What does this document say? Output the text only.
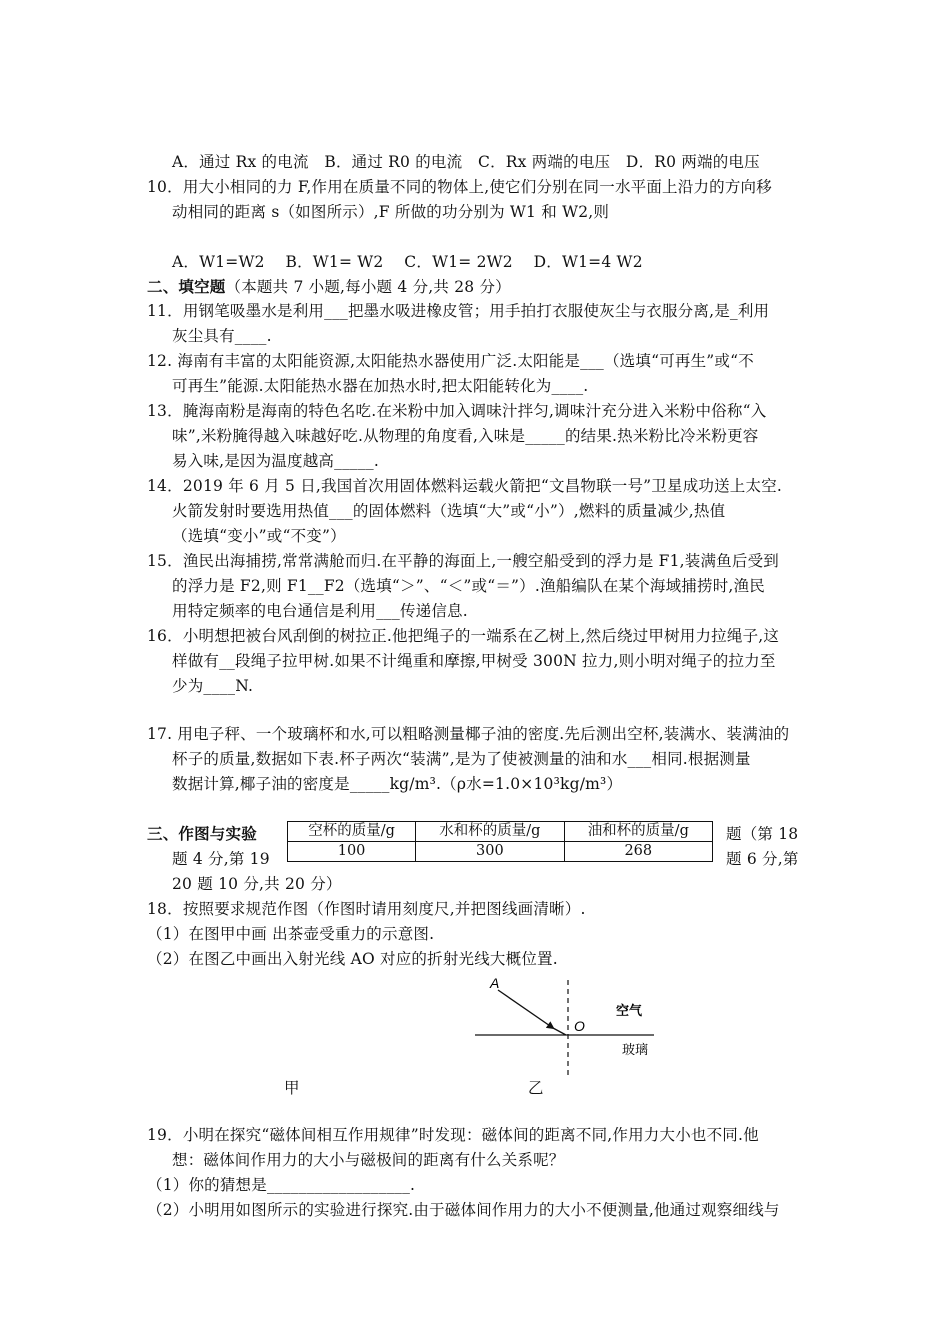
A．通过 Rx 的电流　B．通过 R0 的电流　C．Rx 两端的电压　D．R0 两端的电压
10．用大小相同的力 F,作用在质量不同的物体上,使它们分别在同一水平面上沿力的方向移
动相同的距离 s（如图所示）,F 所做的功分别为 W1 和 W2,则
A．W1=W2　 B．W1= W2　 C．W1= 2W2　 D．W1=4 W2
二、填空题（本题共 7 小题,每小题 4 分,共 28 分）
11．用钢笔吸墨水是利用___把墨水吸进橡皮管；用手拍打衣服使灰尘与衣服分离,是_利用
灰尘具有____.
12. 海南有丰富的太阳能资源,太阳能热水器使用广泛.太阳能是___（选填“可再生”或“不
可再生”能源.太阳能热水器在加热水时,把太阳能转化为____.
13．腌海南粉是海南的特色名吃.在米粉中加入调味汁拌匀,调味汁充分进入米粉中俗称“入
味”,米粉腌得越入味越好吃.从物理的角度看,入味是_____的结果.热米粉比冷米粉更容
易入味,是因为温度越高_____.
14．2019 年 6 月 5 日,我国首次用固体燃料运载火箭把“文昌物联一号”卫星成功送上太空.
火箭发射时要选用热值___的固体燃料（选填“大”或“小”）,燃料的质量减少,热值
（选填“变小”或“不变”）
15．渔民出海捕捞,常常满舱而归.在平静的海面上,一艘空船受到的浮力是 F1,装满鱼后受到
的浮力是 F2,则 F1__F2（选填“＞”、“＜”或“＝”）.渔船编队在某个海域捕捞时,渔民
用特定频率的电台通信是利用___传递信息.
16．小明想把被台风刮倒的树拉正.他把绳子的一端系在乙树上,然后绕过甲树用力拉绳子,这
样做有__段绳子拉甲树.如果不计绳重和摩擦,甲树受 300N 拉力,则小明对绳子的拉力至
少为____N.
17. 用电子秤、一个玻璃杯和水,可以粗略测量椰子油的密度.先后测出空杯,装满水、装满油的
杯子的质量,数据如下表.杯子两次“装满”,是为了使被测量的油和水___相同.根据测量
数据计算,椰子油的密度是_____kg/m³.（ρ水=1.0×10³kg/m³）
三、作图与实验	题（第 18
题 4 分,第 19	题 6 分,第
20 题 10 分,共 20 分）
空杯的质量/g	水和杯的质量/g	油和杯的质量/g
100	300	268
18．按照要求规范作图（作图时请用刻度尺,并把图线画清晰）.
（1）在图甲中画 出茶壶受重力的示意图.
（2）在图乙中画出入射光线 AO 对应的折射光线大概位置.
A
O
空气
玻璃
甲	乙
19．小明在探究“磁体间相互作用规律”时发现：磁体间的距离不同,作用力大小也不同.他
想：磁体间作用力的大小与磁极间的距离有什么关系呢？
（1）你的猜想是__________________.
（2）小明用如图所示的实验进行探究.由于磁体间作用力的大小不便测量,他通过观察细线与
